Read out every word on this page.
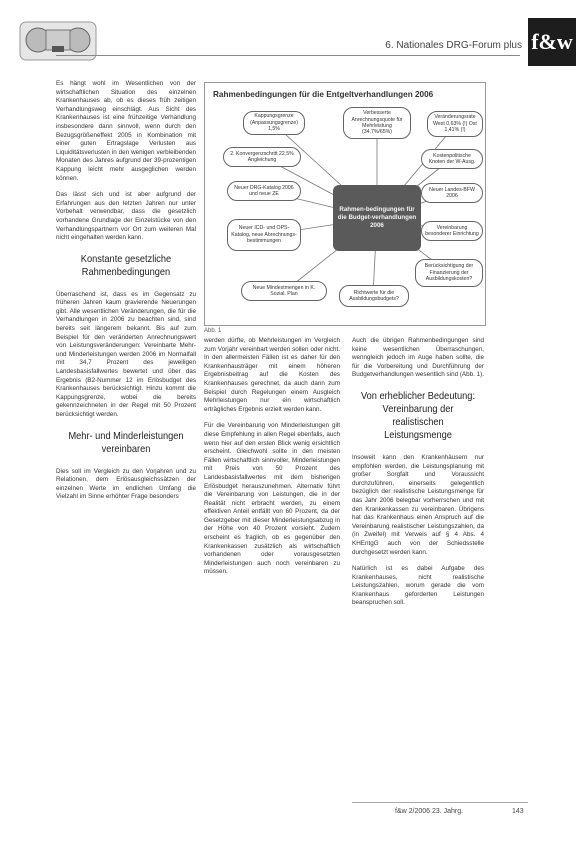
6. Nationales DRG-Forum plus f&w

Es hängt wohl im Wesentlichen von der wirtschaftlichen Situation des einzelnen Krankenhauses ab, ob es dieses früh zeitigen Verhandlungsweg einschlägt. Aus Sicht des Krankenhauses ist eine frühzeitige Verhandlung insbesondere dann sinnvoll, wenn durch den Bezugsgrößeneffekt 2005 in Kombination mit einer guten Ertragslage Verlusten aus Liquiditätsverlusten in den wenigen verbleibenden Monaten des Jahres aufgrund der 39-prozentigen Kappung leicht mehr ausgeglichen werden können.

Das lässt sich und ist aber aufgrund der Erfahrungen aus den letzten Jahren nur unter Vorbehalt verwendbar, dass die gesetzlich vorhandene Grundlage der Einzelstücke von den Verhandlungspartnern vor Ort zum weiteren Mal nicht eingehalten werden kann.

Konstante gesetzliche Rahmenbedingungen

Überraschend ist, dass es im Gegensatz zu früheren Jahren kaum gravierende Neuerungen gibt. Alle wesentlichen Veränderungen, die für die Verhandlungen in 2006 zu beachten sind, sind bereits seit längerem bekannt. Bis auf zum Beispiel für den veränderten Anrechnungswert von Leistungsveränderungen: Vereinbarte Mehr- und Minderleistungen werden 2006 im Normalfall mit 34,7 Prozent des jeweiligen Landesbasisfallwertes bewertet und über das Ergebnis (B2-Nummer 12 im Erlösbudget des Krankenhauses berücksichtigt. Hinzu kommt die Kappungsgrenze, wobei die bereits gekennzeichneten in der Regel mit 50 Prozent berücksichtigt werden.

Mehr- und Minderleistungen vereinbaren

Dies soll im Vergleich zu den Vorjahren und zu Relationen, dem Erlösausgleichssätzen der einzelnen Werte im endlichen Umfang die Vielzahl im Sinne erhöhter Frage besonders

Rahmenbedingungen für die Entgeltverhandlungen 2006
Kappungsgrenze (Anpassungsgrenze) 1,5%
Verbesserte Anrechnungsquote für Mehrleistung (34,7%/65%)
Veränderungsrate West 0,63% (!) Ost 1,41% (!)
2. Konvergenzschritt 22,5% Angleichung
Kostenpolitische Knoten der W-Ausg.
Neuer DRG-Katalog 2006 und neue ZE
Neuer Landes-BFW 2006
Neuer ICD- und OPS-Katalog, neue Abrechnungs-bestimmungen
Vereinbarung besonderer Einrichtung
Berücksichtigung der Finanzierung der Ausbildungskosten?
Neue Mindestmengen in K. Sozial. Plan	Richtwerte für die Ausbildungsbudgets?
Rahmen-bedingungen für die Budget-verhandlungen 2006
Abb. 1

werden dürfte, ob Mehrleistungen im Vergleich zum Vorjahr vereinbart werden sollen oder nicht. In den allermeisten Fällen ist es daher für den Krankenhausträger mit einem höheren Ergebnisbeitrag auf die Kosten des Krankenhauses gerechnet, da auch dann zum Beispiel durch Regelungen einem Ausgleich Mehrleistungen nur ein wirtschaftlich erträgliches Ergebnis erzielt werden kann.

Für die Vereinbarung von Minderleistungen gilt diese Empfehlung in allen Regel ebenfalls, auch wenn hier auf den ersten Blick wenig ersichtlich erscheint. Gleichwohl sollte in den meisten Fällen wirtschaftlich sinnvoller, Minderleistungen mit Preis von 50 Prozent des Landesbasisfallwertes mit dem bisherigen Erlösbudget herauszunehmen. Alternativ führt die Vereinbarung von Leistungen, die in der Realität nicht erbracht werden, zu einem effektiven Anteil entfällt von 60 Prozent, da der Gesetzgeber mit dieser Minderleistungsabzug in der Höhe von 40 Prozent vorsieht. Zudem erscheint es fraglich, ob es gegenüber den Krankenkassen zusätzlich als wirtschaftlich vorhandenen oder vorausgesetzten Minderleistungen auch noch vereinbaren zu müssen.

Auch die übrigen Rahmenbedingungen sind keine wesentlichen Überraschungen, wenngleich jedoch im Auge haben sollte, die für die Vorbereitung und Durchführung der Budgetverhandlungen wesentlich sind (Abb. 1).

Von erheblicher Bedeutung: Vereinbarung der realistischen Leistungsmenge

Insoweit kann den Krankenhäusern nur empfohlen werden, die Leistungsplanung mit großer Sorgfalt und Voraussicht durchzuführen, einerseits gelegentlich bezüglich der realistische Leistungsmenge für das Jahr 2006 belegbar vorherrschen und mit den Krankenkassen zu vereinbaren. Übrigens hat das Krankenhaus einen Anspruch auf die Vereinbarung realistischer Leistungszahlen, da (in Zweifel) mit Verweis auf § 4 Abs. 4 KHEntgG auch von der Schiedsstelle durchgesetzt werden kann.

Natürlich ist es dabei Aufgabe des Krankenhauses, nicht realistische Leistungszahlen, worum gerade die vom Krankenhaus geforderten Leistungen beanspruchen soll.

f&w 2/2006 23. Jahrg.	143
